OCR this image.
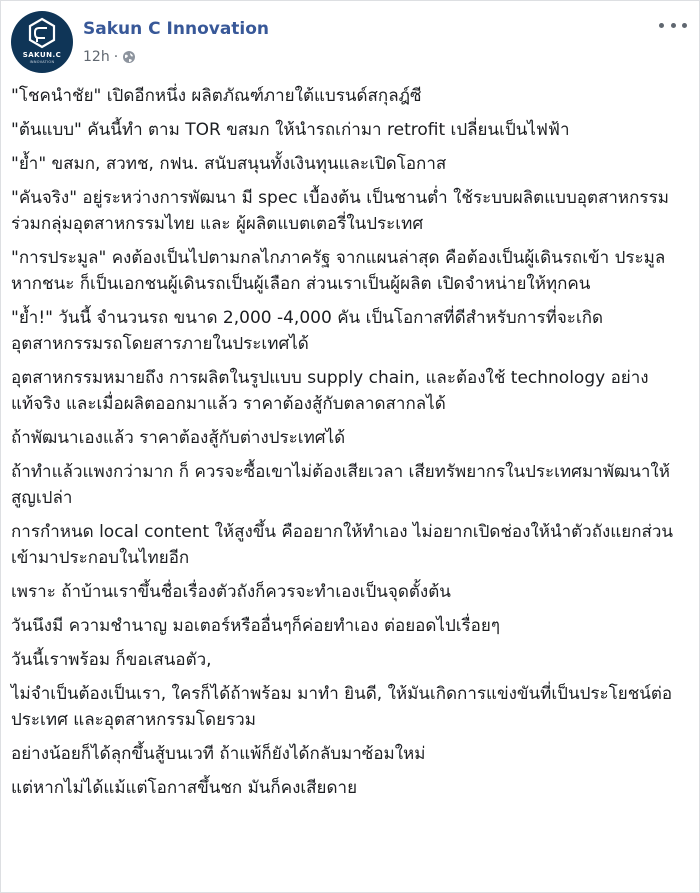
SAKUN.C
INNOVATION
Sakun C Innovation
12h ·

"โชคนำชัย" เปิดอีกหนึ่ง ผลิตภัณฑ์ภายใต้แบรนด์สกุลฎ์ซี

"ต้นแบบ" คันนี้ทำ ตาม TOR ขสมก ให้นำรถเก่ามา retrofit เปลี่ยนเป็นไฟฟ้า

"ย้ำ" ขสมก, สวทช, กฟน. สนับสนุนทั้งเงินทุนและเปิดโอกาส

"คันจริง" อยู่ระหว่างการพัฒนา มี spec เบื้องต้น เป็นชานต่ำ ใช้ระบบผลิตแบบอุตสาหกรรม ร่วมกลุ่มอุตสาหกรรมไทย และ ผู้ผลิตแบตเตอรี่ในประเทศ

"การประมูล" คงต้องเป็นไปตามกลไกภาครัฐ จากแผนล่าสุด คือต้องเป็นผู้เดินรถเข้า ประมูล หากชนะ ก็เป็นเอกชนผู้เดินรถเป็นผู้เลือก ส่วนเราเป็นผู้ผลิต เปิดจำหน่ายให้ทุกคน

"ย้ำ!" วันนี้ จำนวนรถ ขนาด 2,000 -4,000 คัน เป็นโอกาสที่ดีสำหรับการที่จะเกิดอุตสาหกรรมรถโดยสารภายในประเทศได้

อุตสาหกรรมหมายถึง การผลิตในรูปแบบ supply chain, และต้องใช้ technology อย่างแท้จริง และเมื่อผลิตออกมาแล้ว ราคาต้องสู้กับตลาดสากลได้

ถ้าพัฒนาเองแล้ว ราคาต้องสู้กับต่างประเทศได้

ถ้าทำแล้วแพงกว่ามาก ก็ ควรจะซื้อเขาไม่ต้องเสียเวลา เสียทรัพยากรในประเทศมาพัฒนาให้สูญเปล่า

การกำหนด local content ให้สูงขึ้น คืออยากให้ทำเอง ไม่อยากเปิดช่องให้นำตัวถังแยกส่วนเข้ามาประกอบในไทยอีก

เพราะ ถ้าบ้านเราขึ้นชื่อเรื่องตัวถังก็ควรจะทำเองเป็นจุดตั้งต้น

วันนึงมี ความชำนาญ มอเตอร์หรืออื่นๆก็ค่อยทำเอง ต่อยอดไปเรื่อยๆ

วันนี้เราพร้อม ก็ขอเสนอตัว,

ไม่จำเป็นต้องเป็นเรา, ใครก็ได้ถ้าพร้อม มาทำ ยินดี, ให้มันเกิดการแข่งขันที่เป็นประโยชน์ต่อประเทศ และอุตสาหกรรมโดยรวม

อย่างน้อยก็ได้ลุกขึ้นสู้บนเวที ถ้าแพ้ก็ยังได้กลับมาซ้อมใหม่

แต่หากไม่ได้แม้แต่โอกาสขึ้นชก มันก็คงเสียดาย
